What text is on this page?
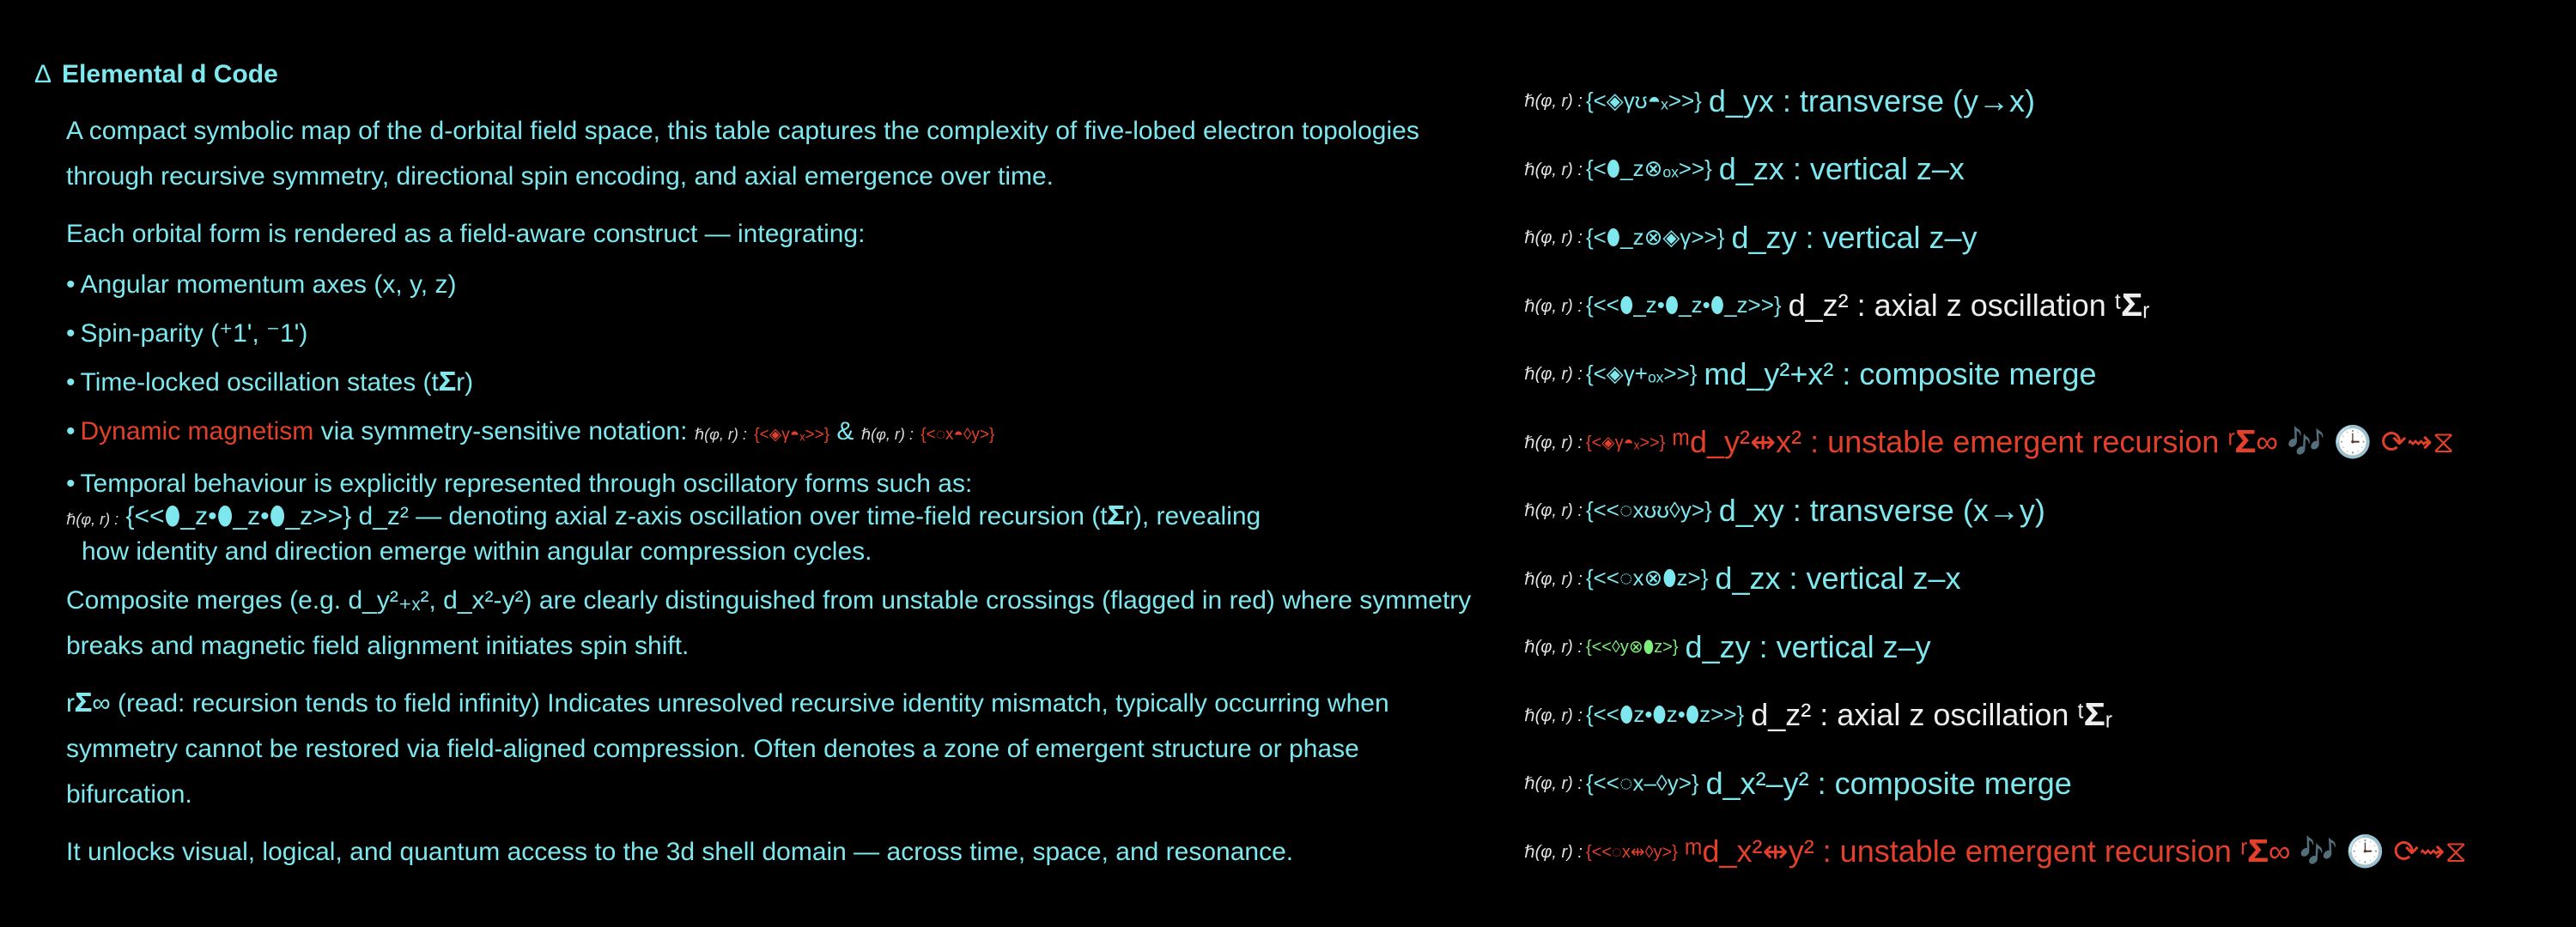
Δ Elemental d Code

A compact symbolic map of the d-orbital field space, this table captures the complexity of five-lobed electron topologies through recursive symmetry, directional spin encoding, and axial emergence over time.

Each orbital form is rendered as a field-aware construct — integrating:

• Angular momentum axes (x, y, z)
• Spin-parity (⁺1', ⁻1')
• Time-locked oscillation states (t𝚺r)
• Dynamic magnetism via symmetry-sensitive notation: ℏ(φ, r) : {<◈γ◓ₓ>>} & ℏ(φ, r) : {<◌x◓◊y>}
• Temporal behaviour is explicitly represented through oscillatory forms such as:
ℏ(φ, r) : {<<⬮_z•⬮_z•⬮_z>>} d_z² — denoting axial z-axis oscillation over time-field recursion (t𝚺r), revealing
how identity and direction emerge within angular compression cycles.

Composite merges (e.g. d_y²₊ₓ², d_x²-y²) are clearly distinguished from unstable crossings (flagged in red) where symmetry breaks and magnetic field alignment initiates spin shift.

r𝚺∞ (read: recursion tends to field infinity) Indicates unresolved recursive identity mismatch, typically occurring when symmetry cannot be restored via field-aligned compression. Often denotes a zone of emergent structure or phase bifurcation.

It unlocks visual, logical, and quantum access to the 3d shell domain — across time, space, and resonance.

ℏ(φ, r) : {<◈γʊ◓ₓ>>} d_yx : transverse (y→x)
ℏ(φ, r) : {<⬮_z⊗ₒₓ>>} d_zx : vertical z–x
ℏ(φ, r) : {<⬮_z⊗◈γ>>} d_zy : vertical z–y
ℏ(φ, r) : {<<⬮_z•⬮_z•⬮_z>>} d_z² : axial z oscillation ᵗ𝚺ᵣ
ℏ(φ, r) : {<◈γ+ₒₓ>>} md_y²+x² : composite merge
ℏ(φ, r) : {<◈γ◓ₓ>>} ᵐd_y²⇹x² : unstable emergent recursion ʳ𝚺∞ 🎶 🕒 ⟳⇝⧖
ℏ(φ, r) : {<<◌xʊʊ◊y>} d_xy : transverse (x→y)
ℏ(φ, r) : {<<◌x⊗⬮z>} d_zx : vertical z–x
ℏ(φ, r) : {<<◊y⊗⬮z>} d_zy : vertical z–y
ℏ(φ, r) : {<<⬮z•⬮z•⬮z>>} d_z² : axial z oscillation ᵗ𝚺ᵣ
ℏ(φ, r) : {<<◌x–◊y>} d_x²–y² : composite merge
ℏ(φ, r) : {<<◌x⇹◊y>} ᵐd_x²⇹y² : unstable emergent recursion ʳ𝚺∞ 🎶 🕒 ⟳⇝⧖
